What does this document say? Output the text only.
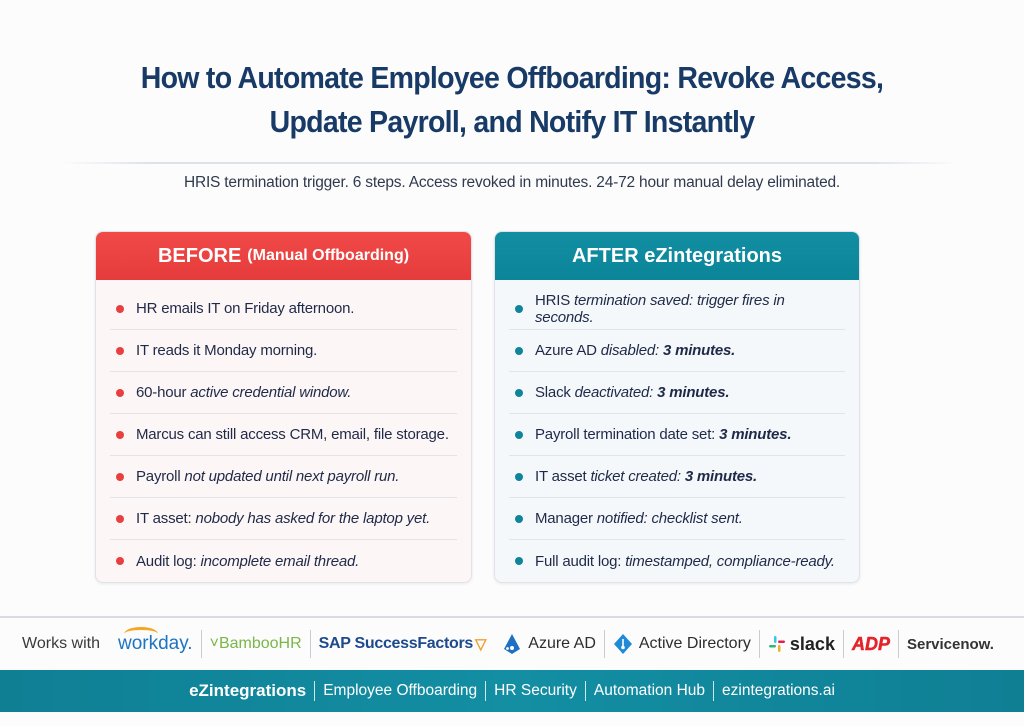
How to Automate Employee Offboarding: Revoke Access,
Update Payroll, and Notify IT Instantly
HRIS termination trigger. 6 steps. Access revoked in minutes. 24-72 hour manual delay eliminated.
BEFORE (Manual Offboarding)
HR emails IT on Friday afternoon.
IT reads it Monday morning.
60-hour active credential window.
Marcus can still access CRM, email, file storage.
Payroll not updated until next payroll run.
IT asset: nobody has asked for the laptop yet.
Audit log: incomplete email thread.
AFTER eZintegrations
HRIS termination saved: trigger fires in seconds.
Azure AD disabled: 3 minutes.
Slack deactivated: 3 minutes.
Payroll termination date set: 3 minutes.
IT asset ticket created: 3 minutes.
Manager notified: checklist sent.
Full audit log: timestamped, compliance-ready.
Works with workday. ˅ BambooHR SAP SuccessFactors ▽	Azure AD	Active Directory slack ADP	Servicenow.
eZintegrations	Employee Offboarding	HR Security	Automation Hub	ezintegrations.ai
